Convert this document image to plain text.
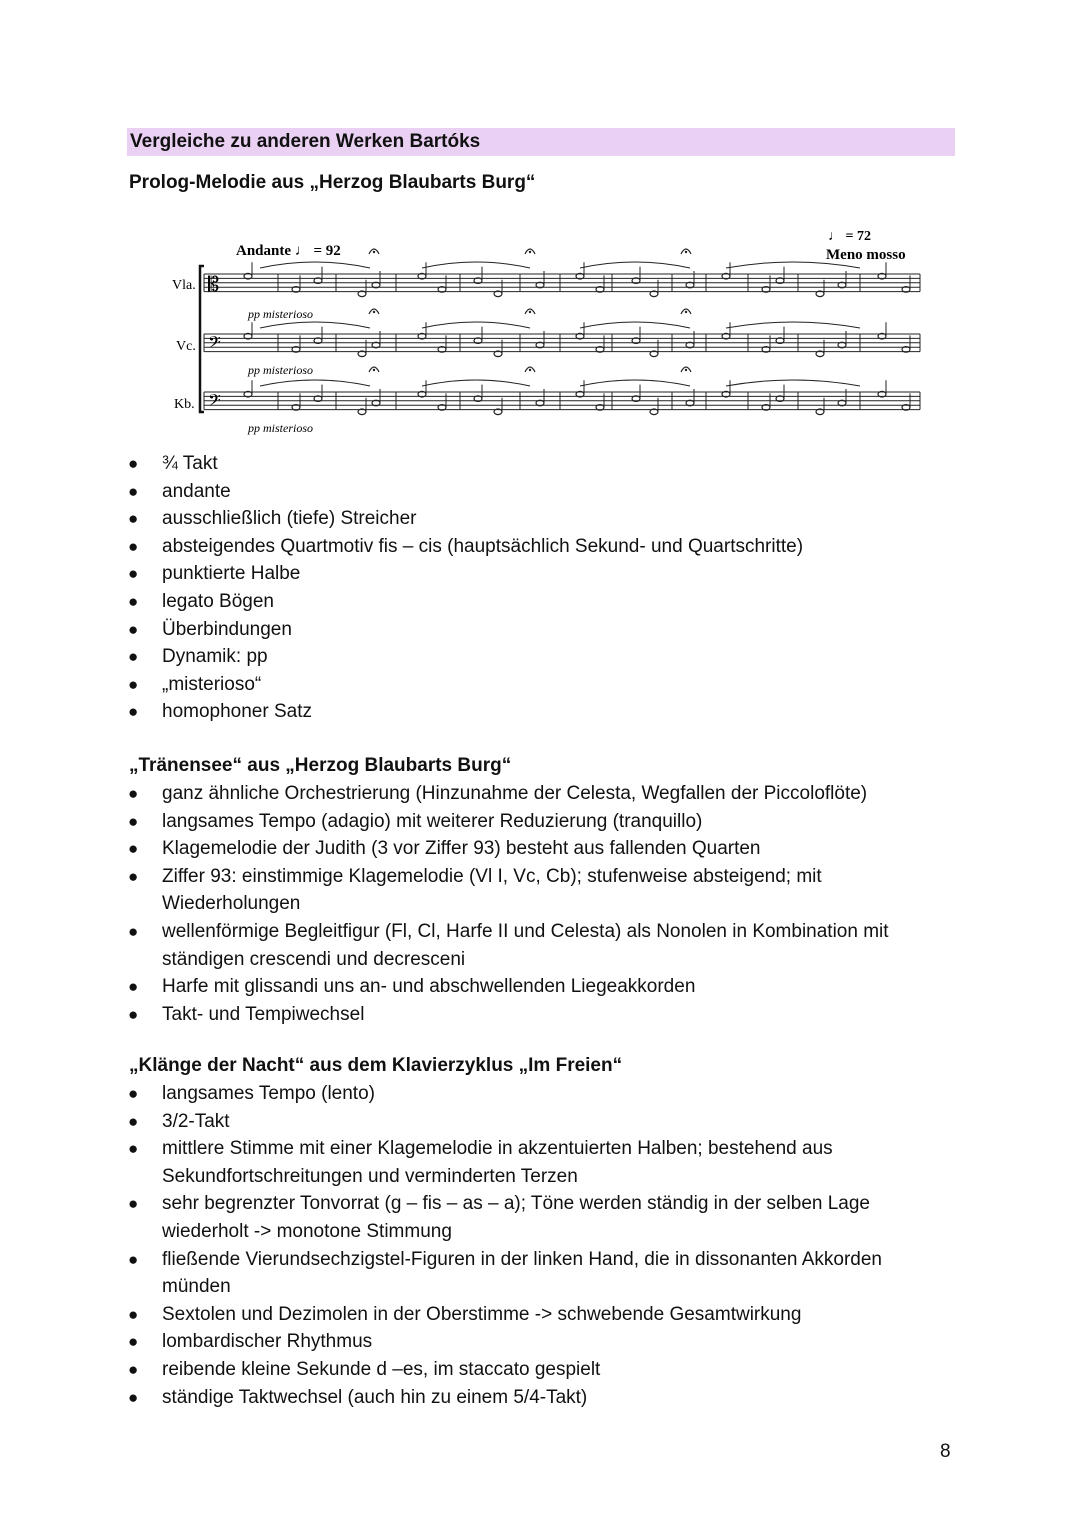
Vergleiche zu anderen Werken Bartóks
Prolog-Melodie aus „Herzog Blaubarts Burg“
Andante ♩ = 92
♩ = 72
Meno mosso
𝄡
𝄢
𝄢
Vla.
Vc.
Kb.
pp misterioso
pp misterioso
pp misterioso
● ¾ Takt
● andante
● ausschließlich (tiefe) Streicher
● absteigendes Quartmotiv fis – cis (hauptsächlich Sekund- und Quartschritte)
● punktierte Halbe
● legato Bögen
● Überbindungen
● Dynamik: pp
● „misterioso“
● homophoner Satz
„Tränensee“ aus „Herzog Blaubarts Burg“
● ganz ähnliche Orchestrierung (Hinzunahme der Celesta, Wegfallen der Piccoloflöte)
● langsames Tempo (adagio) mit weiterer Reduzierung (tranquillo)
● Klagemelodie der Judith (3 vor Ziffer 93) besteht aus fallenden Quarten
● Ziffer 93: einstimmige Klagemelodie (Vl I, Vc, Cb); stufenweise absteigend; mit Wiederholungen
● wellenförmige Begleitfigur (Fl, Cl, Harfe II und Celesta) als Nonolen in Kombination mit ständigen crescendi und decresceni
● Harfe mit glissandi uns an- und abschwellenden Liegeakkorden
● Takt- und Tempiwechsel
„Klänge der Nacht“ aus dem Klavierzyklus „Im Freien“
● langsames Tempo (lento)
● 3/2-Takt
● mittlere Stimme mit einer Klagemelodie in akzentuierten Halben; bestehend aus Sekundfortschreitungen und verminderten Terzen
● sehr begrenzter Tonvorrat (g – fis – as – a); Töne werden ständig in der selben Lage wiederholt -> monotone Stimmung
● fließende Vierundsechzigstel-Figuren in der linken Hand, die in dissonanten Akkorden münden
● Sextolen und Dezimolen in der Oberstimme -> schwebende Gesamtwirkung
● lombardischer Rhythmus
● reibende kleine Sekunde d –es, im staccato gespielt
● ständige Taktwechsel (auch hin zu einem 5/4-Takt)
8
